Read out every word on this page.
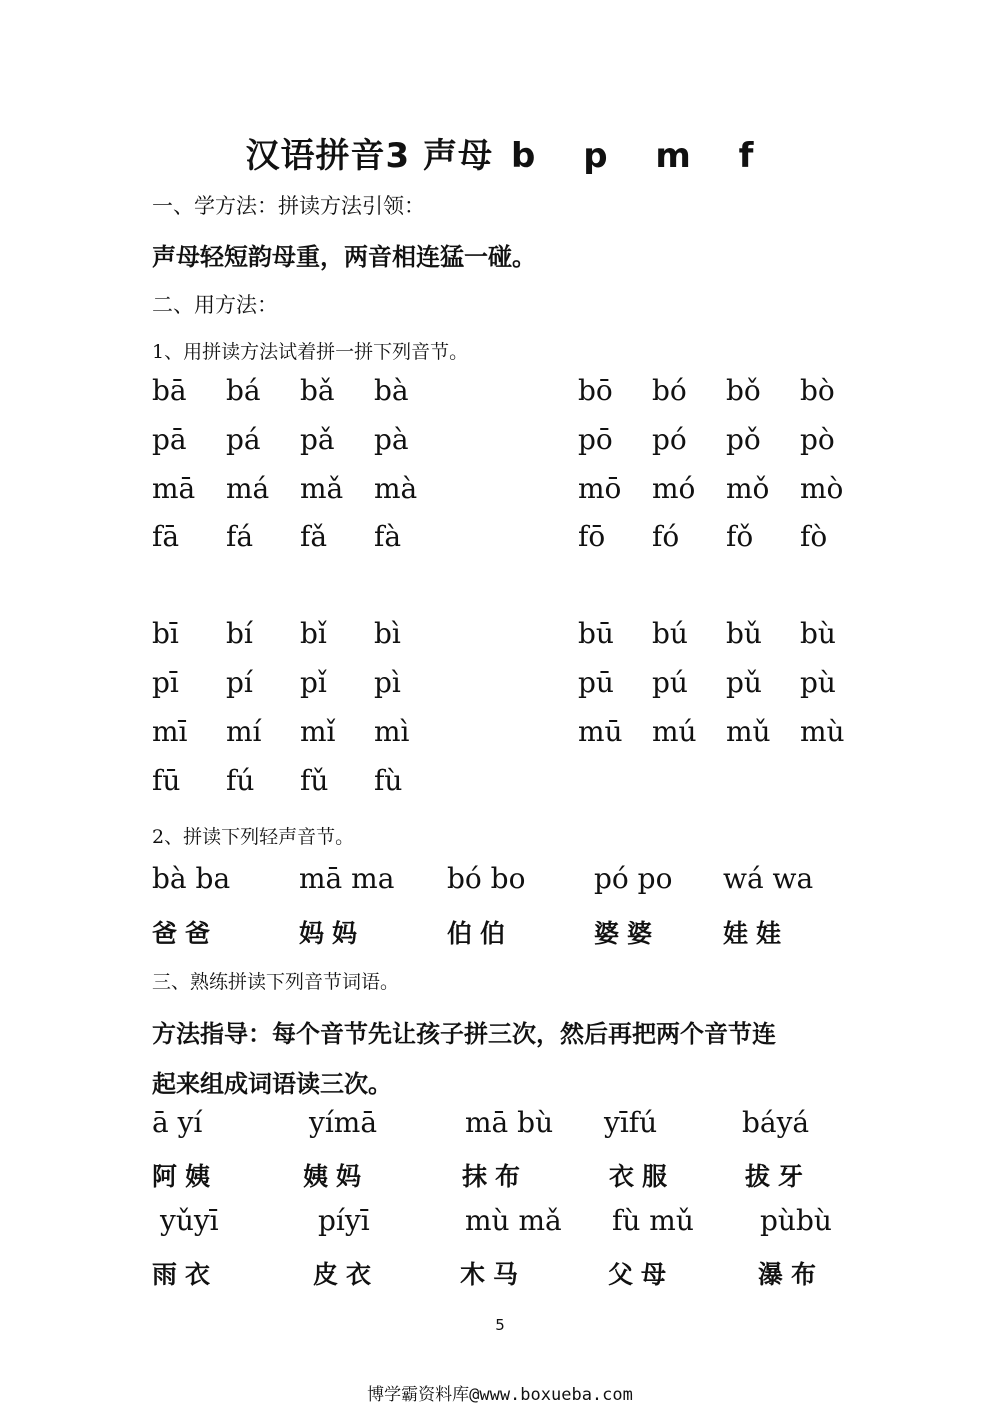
汉语拼音3 声母 b p m f
一、学方法：拼读方法引领：
声母轻短韵母重，两音相连猛一碰。
二、用方法：
1、用拼读方法试着拼一拼下列音节。
bā bá bǎ bà
pā pá pǎ pà
mā má mǎ mà
fā fá fǎ fà
bō bó bǒ bò
pō pó pǒ pò
mō mó mǒ mò
fō fó fǒ fò
bī bí bǐ bì
pī pí pǐ pì
mī mí mǐ mì
fū fú fǔ fù
bū bú bǔ bù
pū pú pǔ pù
mū mú mǔ mù
2、拼读下列轻声音节。
bà ba
爸爸
mā ma
妈妈
bó bo
伯伯
pó po
婆婆
wá wa
娃娃
三、熟练拼读下列音节词语。
方法指导：每个音节先让孩子拼三次，然后再把两个音节连
起来组成词语读三次。
ā yí
阿姨
yímā
姨妈
mā bù
抹布
yīfú
衣服
báyá
拔牙
yǔyī
雨衣
píyī
皮衣
mù mǎ
木马
fù mǔ
父母
pùbù
瀑布
5
博学霸资料库@www.boxueba.com
